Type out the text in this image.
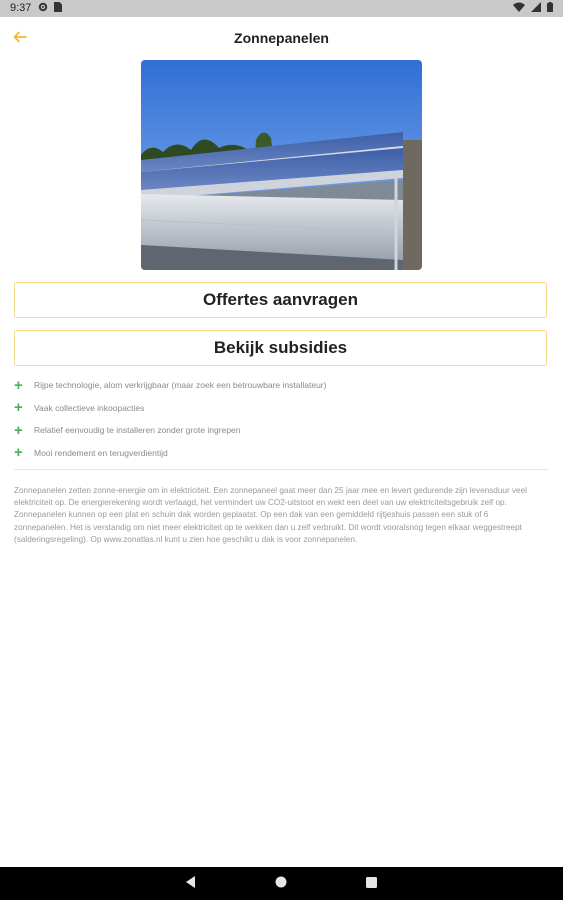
9:37
Zonnepanelen
Offertes aanvragen
Bekijk subsidies
+	Rijpe technologie, alom verkrijgbaar (maar zoek een betrouwbare installateur)
+	Vaak collectieve inkoopacties
+	Relatief eenvoudig te installeren zonder grote ingrepen
+	Mooi rendement en terugverdientijd

Zonnepanelen zetten zonne-energie om in elektriciteit. Een zonnepaneel gaat meer dan 25 jaar mee en levert gedurende zijn levensduur veel elektriciteit op. De energierekening wordt verlaagd, het vermindert uw CO2-uitstoot en wekt een deel van uw elektriciteitsgebruik zelf op. Zonnepanelen kunnen op een plat en schuin dak worden geplaatst. Op een dak van een gemiddeld rijtjeshuis passen een stuk of 6 zonnepanelen. Het is verstandig om niet meer elektriciteit op te wekken dan u zelf verbruikt. Dit wordt vooralsnog tegen elkaar weggestreept (salderingsregeling). Op www.zonatlas.nl kunt u zien hoe geschikt u dak is voor zonnepanelen.
